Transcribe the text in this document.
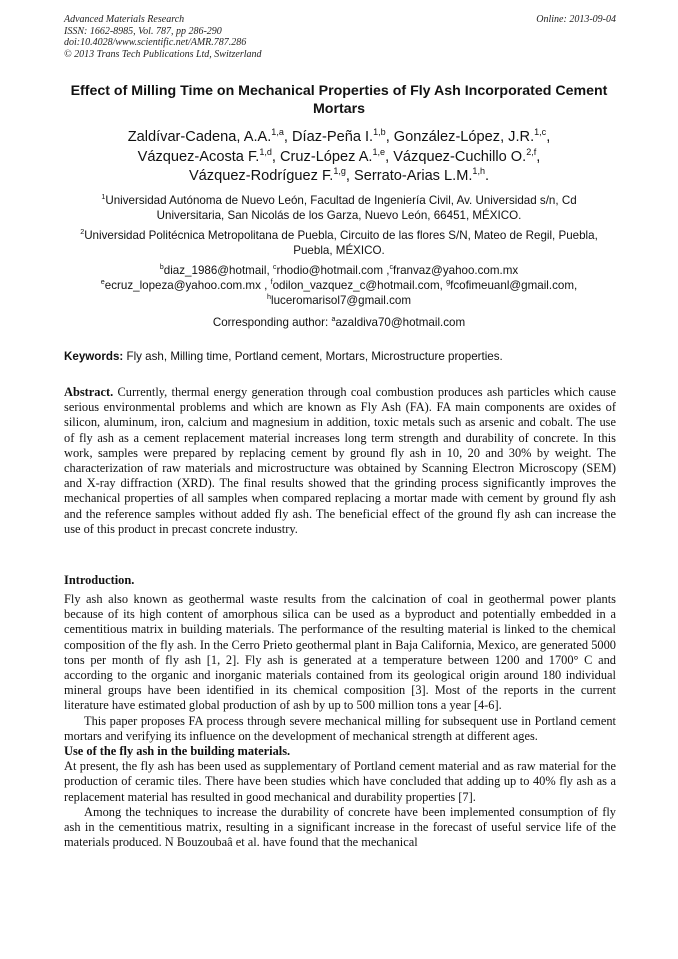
Advanced Materials Research
ISSN: 1662-8985, Vol. 787, pp 286-290
doi:10.4028/www.scientific.net/AMR.787.286
© 2013 Trans Tech Publications Ltd, Switzerland
Online: 2013-09-04
Effect of Milling Time on Mechanical Properties of Fly Ash Incorporated Cement Mortars
Zaldívar-Cadena, A.A.$^{1,a}$, Díaz-Peña I.$^{1,b}$, González-López, J.R.$^{1,c}$,
Vázquez-Acosta F.$^{1,d}$, Cruz-López A.$^{1,e}$, Vázquez-Cuchillo O.$^{2,f}$,
Vázquez-Rodríguez F.$^{1,g}$, Serrato-Arias L.M.$^{1,h}$.
$^1$Universidad Autónoma de Nuevo León, Facultad de Ingeniería Civil, Av. Universidad s/n, Cd Universitaria, San Nicolás de los Garza, Nuevo León, 66451, MÉXICO.
$^2$Universidad Politécnica Metropolitana de Puebla, Circuito de las flores S/N, Mateo de Regil, Puebla, Puebla, MÉXICO.
$^b$diaz_1986@hotmail, $^c$rhodio@hotmail.com ,$^c$franvaz@yahoo.com.mx
$^e$ecruz_lopeza@yahoo.com.mx , $^f$odilon_vazquez_c@hotmail.com, $^g$fcofimeuanl@gmail.com,
$^h$luceromarisol7@gmail.com
Corresponding author: $^a$azaldiva70@hotmail.com
Keywords: Fly ash, Milling time, Portland cement, Mortars, Microstructure properties.

Abstract. Currently, thermal energy generation through coal combustion produces ash particles which cause serious environmental problems and which are known as Fly Ash (FA). FA main components are oxides of silicon, aluminum, iron, calcium and magnesium in addition, toxic metals such as arsenic and cobalt. The use of fly ash as a cement replacement material increases long term strength and durability of concrete. In this work, samples were prepared by replacing cement by ground fly ash in 10, 20 and 30% by weight. The characterization of raw materials and microstructure was obtained by Scanning Electron Microscopy (SEM) and X-ray diffraction (XRD). The final results showed that the grinding process significantly improves the mechanical properties of all samples when compared replacing a mortar made with cement by ground fly ash and the reference samples without added fly ash. The beneficial effect of the ground fly ash can increase the use of this product in precast concrete industry.

Introduction.

Fly ash also known as geothermal waste results from the calcination of coal in geothermal power plants because of its high content of amorphous silica can be used as a byproduct and potentially embedded in a cementitious matrix in building materials. The performance of the resulting material is linked to the chemical composition of the fly ash. In the Cerro Prieto geothermal plant in Baja California, Mexico, are generated 5000 tons per month of fly ash [1, 2]. Fly ash is generated at a temperature between 1200 and 1700° C and according to the organic and inorganic materials contained from its geological origin around 180 individual mineral groups have been identified in its chemical composition [3]. Most of the reports in the current literature have estimated global production of ash by up to 500 million tons a year [4-6].

This paper proposes FA process through severe mechanical milling for subsequent use in Portland cement mortars and verifying its influence on the development of mechanical strength at different ages.

Use of the fly ash in the building materials.

At present, the fly ash has been used as supplementary of Portland cement material and as raw material for the production of ceramic tiles. There have been studies which have concluded that adding up to 40% fly ash as a replacement material has resulted in good mechanical and durability properties [7].

Among the techniques to increase the durability of concrete have been implemented consumption of fly ash in the cementitious matrix, resulting in a significant increase in the forecast of useful service life of the materials produced. N Bouzoubaâ et al. have found that the mechanical
